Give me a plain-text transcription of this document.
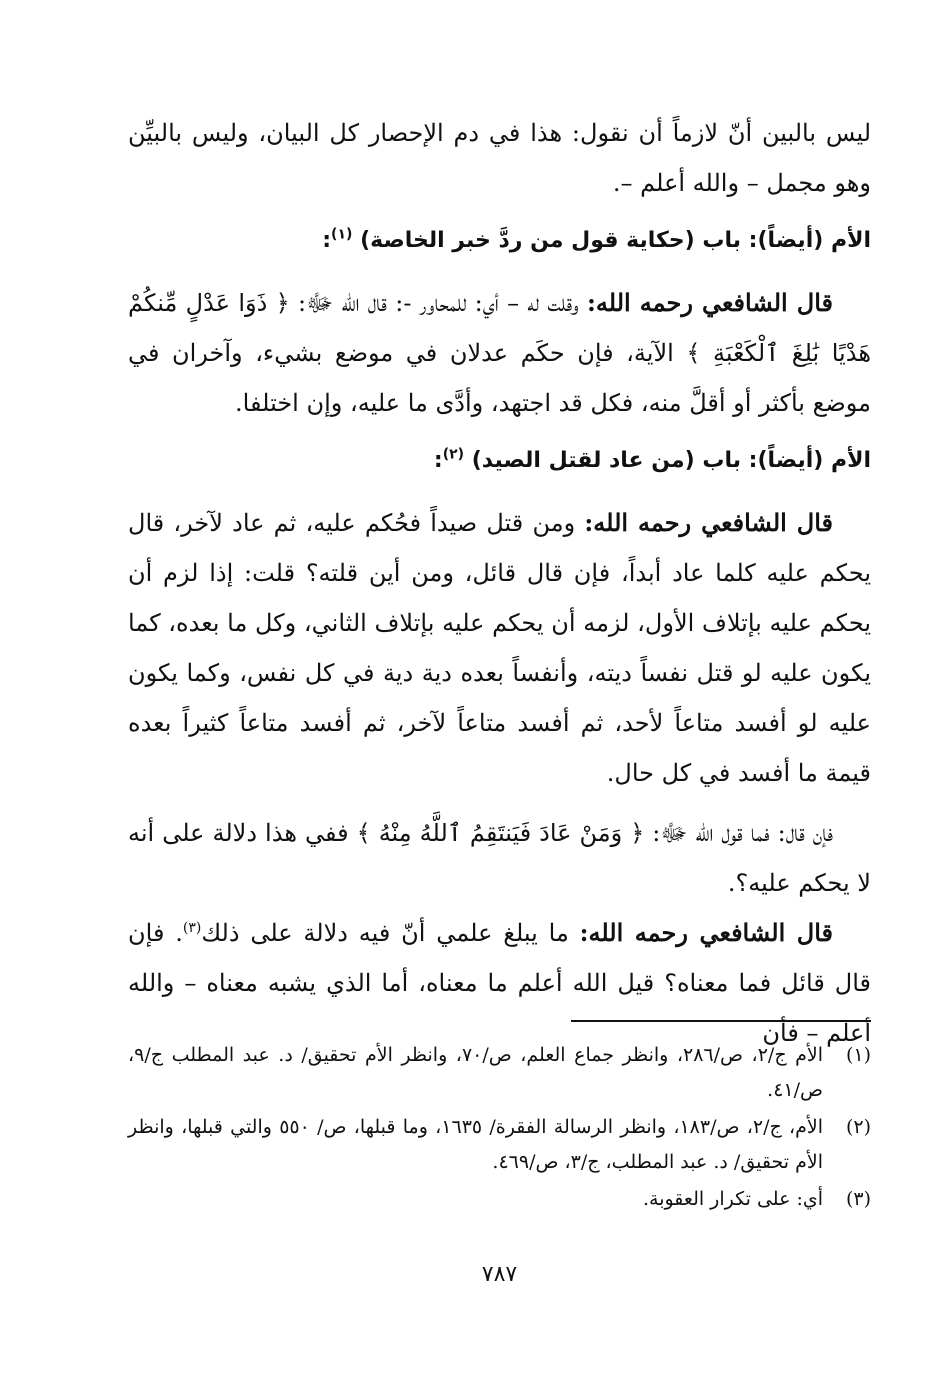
ليس بالبين أنّ لازماً أن نقول: هذا في دم الإحصار كل البيان، وليس بالبيِّن وهو مجمل – والله أعلم –.

الأم (أيضاً): باب (حكاية قول من ردَّ خبر الخاصة) $^{(١)}$:

قال الشافعي رحمه الله: وقلت له – أي: للمحاور -: قال الله ﷻ: ﴿ ذَوَا عَدْلٍ مِّنكُمْ هَدْيًا بَٰلِغَ ٱلْكَعْبَةِ ﴾ الآية، فإن حكَم عدلان في موضع بشيء، وآخران في موضع بأكثر أو أقلَّ منه، فكل قد اجتهد، وأدَّى ما عليه، وإن اختلفا.

الأم (أيضاً): باب (من عاد لقتل الصيد) $^{(٢)}$:

قال الشافعي رحمه الله: ومن قتل صيداً فحُكم عليه، ثم عاد لآخر، قال يحكم عليه كلما عاد أبداً، فإن قال قائل، ومن أين قلته؟ قلت: إذا لزم أن يحكم عليه بإتلاف الأول، لزمه أن يحكم عليه بإتلاف الثاني، وكل ما بعده، كما يكون عليه لو قتل نفساً ديته، وأنفساً بعده دية دية في كل نفس، وكما يكون عليه لو أفسد متاعاً لأحد، ثم أفسد متاعاً لآخر، ثم أفسد متاعاً كثيراً بعده قيمة ما أفسد في كل حال.

فإن قال: فما قول الله ﷻ: ﴿ وَمَنْ عَادَ فَيَنتَقِمُ ٱللَّهُ مِنْهُ ﴾ ففي هذا دلالة على أنه لا يحكم عليه؟.

قال الشافعي رحمه الله: ما يبلغ علمي أنّ فيه دلالة على ذلك$^{(٣)}$. فإن قال قائل فما معناه؟ قيل الله أعلم ما معناه، أما الذي يشبه معناه – والله أعلم – فأن

(١)
الأم ج/٢، ص/٢٨٦، وانظر جماع العلم، ص/٧٠، وانظر الأم تحقيق/ د. عبد المطلب ج/٩، ص/٤١.
(٢)
الأم، ج/٢، ص/١٨٣، وانظر الرسالة الفقرة/ ١٦٣٥، وما قبلها، ص/ ٥٥٠ والتي قبلها، وانظر الأم تحقيق/ د. عبد المطلب، ج/٣، ص/٤٦٩.
(٣)
أي: على تكرار العقوبة.
٧٨٧
